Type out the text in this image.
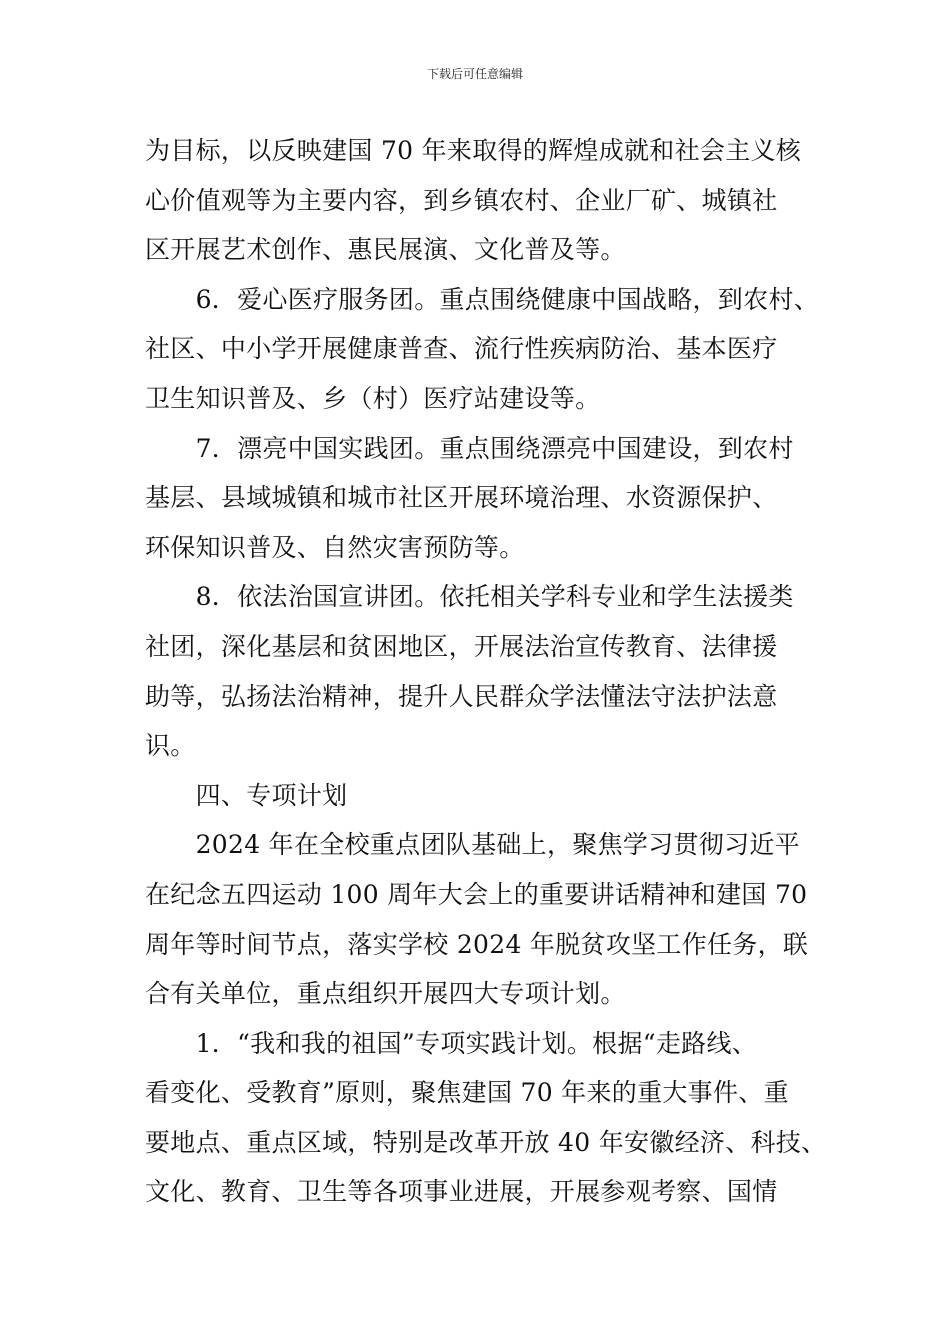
下载后可任意编辑
为目标，以反映建国 70 年来取得的辉煌成就和社会主义核
心价值观等为主要内容，到乡镇农村、企业厂矿、城镇社
区开展艺术创作、惠民展演、文化普及等。
　　6．爱心医疗服务团。重点围绕健康中国战略，到农村、
社区、中小学开展健康普查、流行性疾病防治、基本医疗
卫生知识普及、乡（村）医疗站建设等。
　　7．漂亮中国实践团。重点围绕漂亮中国建设，到农村
基层、县域城镇和城市社区开展环境治理、水资源保护、
环保知识普及、自然灾害预防等。
　　8．依法治国宣讲团。依托相关学科专业和学生法援类
社团，深化基层和贫困地区，开展法治宣传教育、法律援
助等，弘扬法治精神，提升人民群众学法懂法守法护法意
识。
　　四、专项计划
　　2024 年在全校重点团队基础上，聚焦学习贯彻习近平
在纪念五四运动 100 周年大会上的重要讲话精神和建国 70
周年等时间节点，落实学校 2024 年脱贫攻坚工作任务，联
合有关单位，重点组织开展四大专项计划。
　　1．“我和我的祖国”专项实践计划。根据“走路线、
看变化、受教育”原则，聚焦建国 70 年来的重大事件、重
要地点、重点区域，特别是改革开放 40 年安徽经济、科技、
文化、教育、卫生等各项事业进展，开展参观考察、国情
